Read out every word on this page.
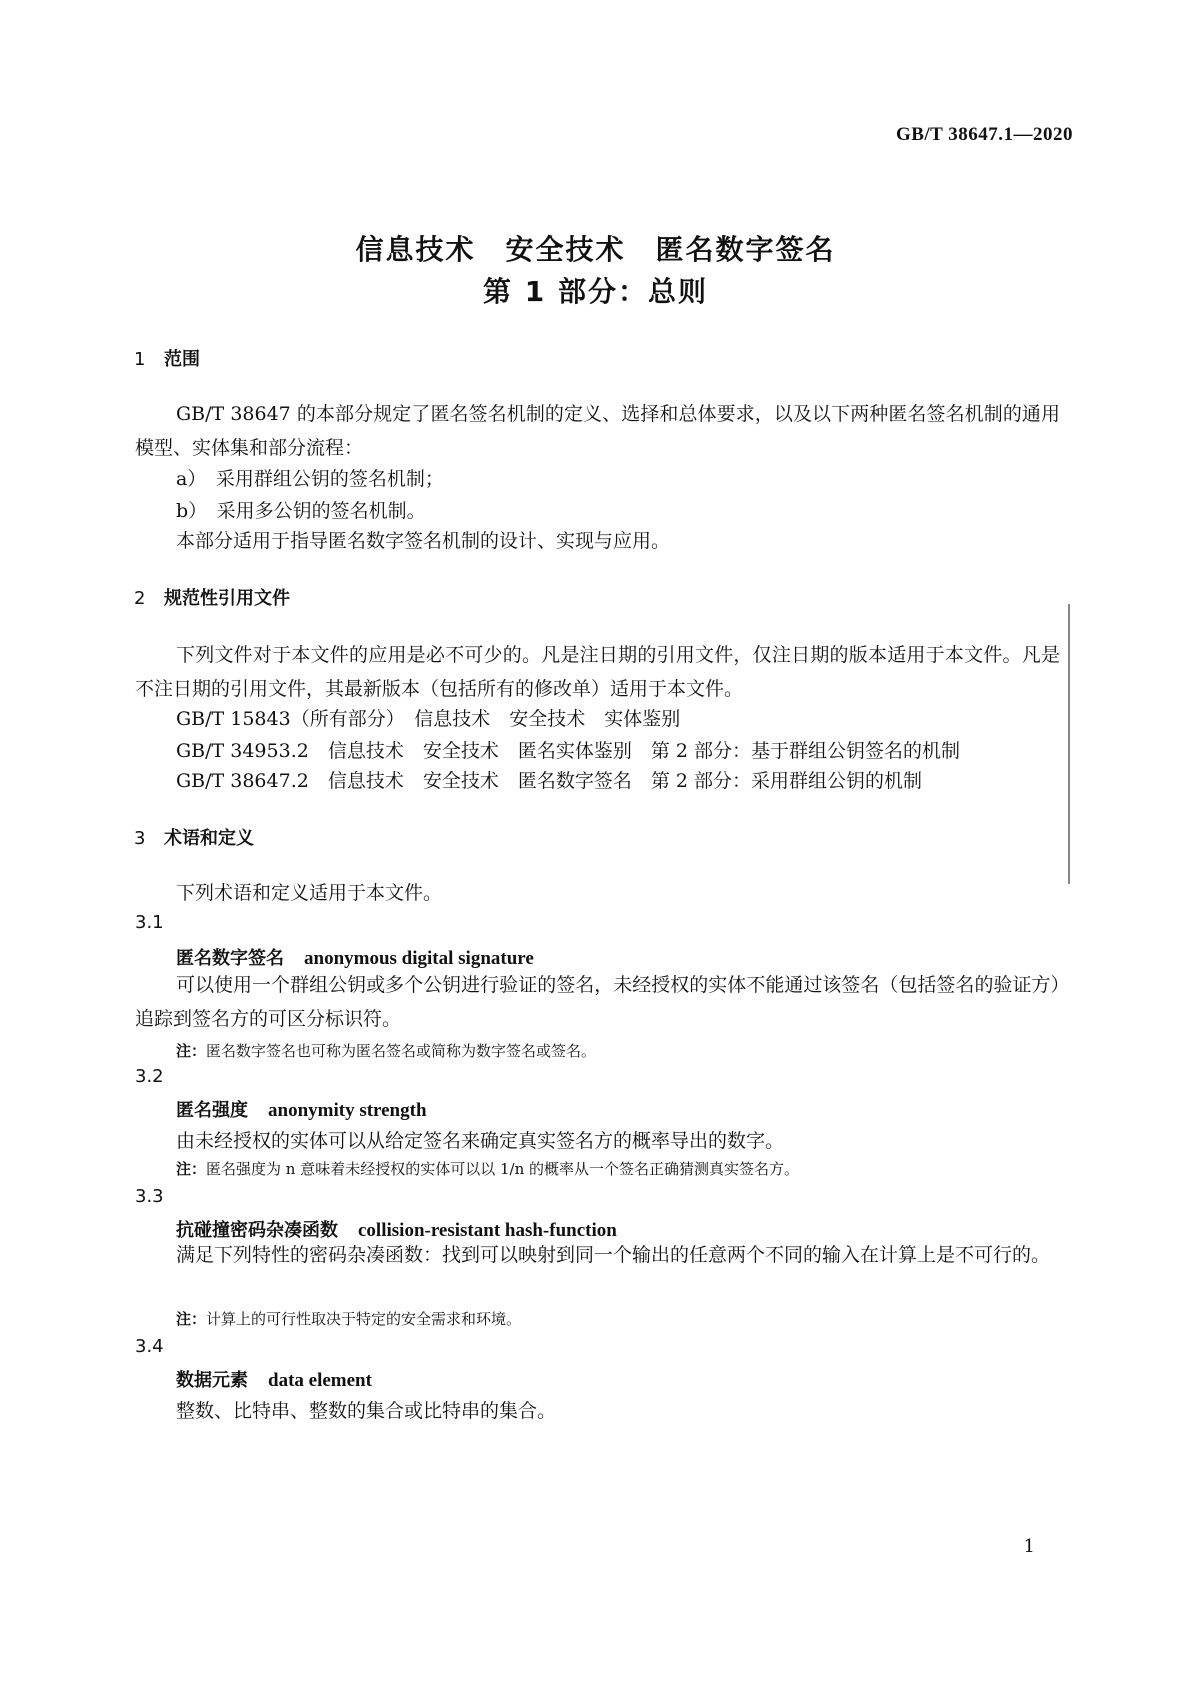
GB/T 38647.1—2020
信息技术　安全技术　匿名数字签名
第 1 部分：总则
1 范围
GB/T 38647 的本部分规定了匿名签名机制的定义、选择和总体要求，以及以下两种匿名签名机制的通用模型、实体集和部分流程：
a）　采用群组公钥的签名机制；
b）　采用多公钥的签名机制。
本部分适用于指导匿名数字签名机制的设计、实现与应用。
2 规范性引用文件
下列文件对于本文件的应用是必不可少的。凡是注日期的引用文件，仅注日期的版本适用于本文件。凡是不注日期的引用文件，其最新版本（包括所有的修改单）适用于本文件。
GB/T 15843（所有部分）　信息技术　安全技术　实体鉴别
GB/T 34953.2　信息技术　安全技术　匿名实体鉴别　第 2 部分：基于群组公钥签名的机制
GB/T 38647.2　信息技术　安全技术　匿名数字签名　第 2 部分：采用群组公钥的机制
3 术语和定义
下列术语和定义适用于本文件。
3.1
匿名数字签名 anonymous digital signature
可以使用一个群组公钥或多个公钥进行验证的签名，未经授权的实体不能通过该签名（包括签名的验证方）追踪到签名方的可区分标识符。
注：匿名数字签名也可称为匿名签名或简称为数字签名或签名。
3.2
匿名强度 anonymity strength
由未经授权的实体可以从给定签名来确定真实签名方的概率导出的数字。
注：匿名强度为 n 意味着未经授权的实体可以以 1/n 的概率从一个签名正确猜测真实签名方。
3.3
抗碰撞密码杂凑函数 collision-resistant hash-function
满足下列特性的密码杂凑函数：找到可以映射到同一个输出的任意两个不同的输入在计算上是不可行的。
注：计算上的可行性取决于特定的安全需求和环境。
3.4
数据元素 data element
整数、比特串、整数的集合或比特串的集合。
1
